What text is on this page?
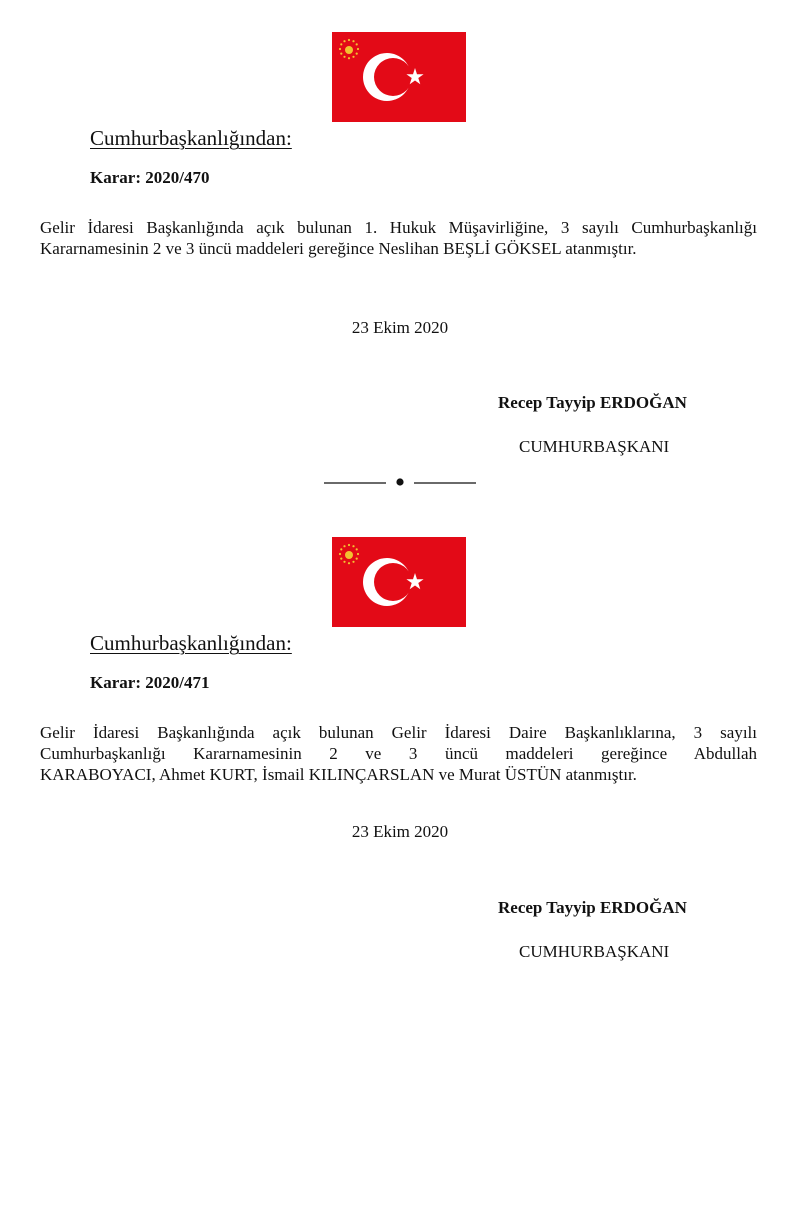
Cumhurbaşkanlığından:
Karar: 2020/470
Gelir İdaresi Başkanlığında açık bulunan 1. Hukuk Müşavirliğine, 3 sayılı Cumhurbaşkanlığı
Kararnamesinin 2 ve 3 üncü maddeleri gereğince Neslihan BEŞLİ GÖKSEL atanmıştır.
23 Ekim 2020
Recep Tayyip ERDOĞAN
CUMHURBAŞKANI
Cumhurbaşkanlığından:
Karar: 2020/471
Gelir İdaresi Başkanlığında açık bulunan Gelir İdaresi Daire Başkanlıklarına, 3 sayılı
Cumhurbaşkanlığı Kararnamesinin 2 ve 3 üncü maddeleri gereğince Abdullah
KARABOYACI, Ahmet KURT, İsmail KILINÇARSLAN ve Murat ÜSTÜN atanmıştır.
23 Ekim 2020
Recep Tayyip ERDOĞAN
CUMHURBAŞKANI
